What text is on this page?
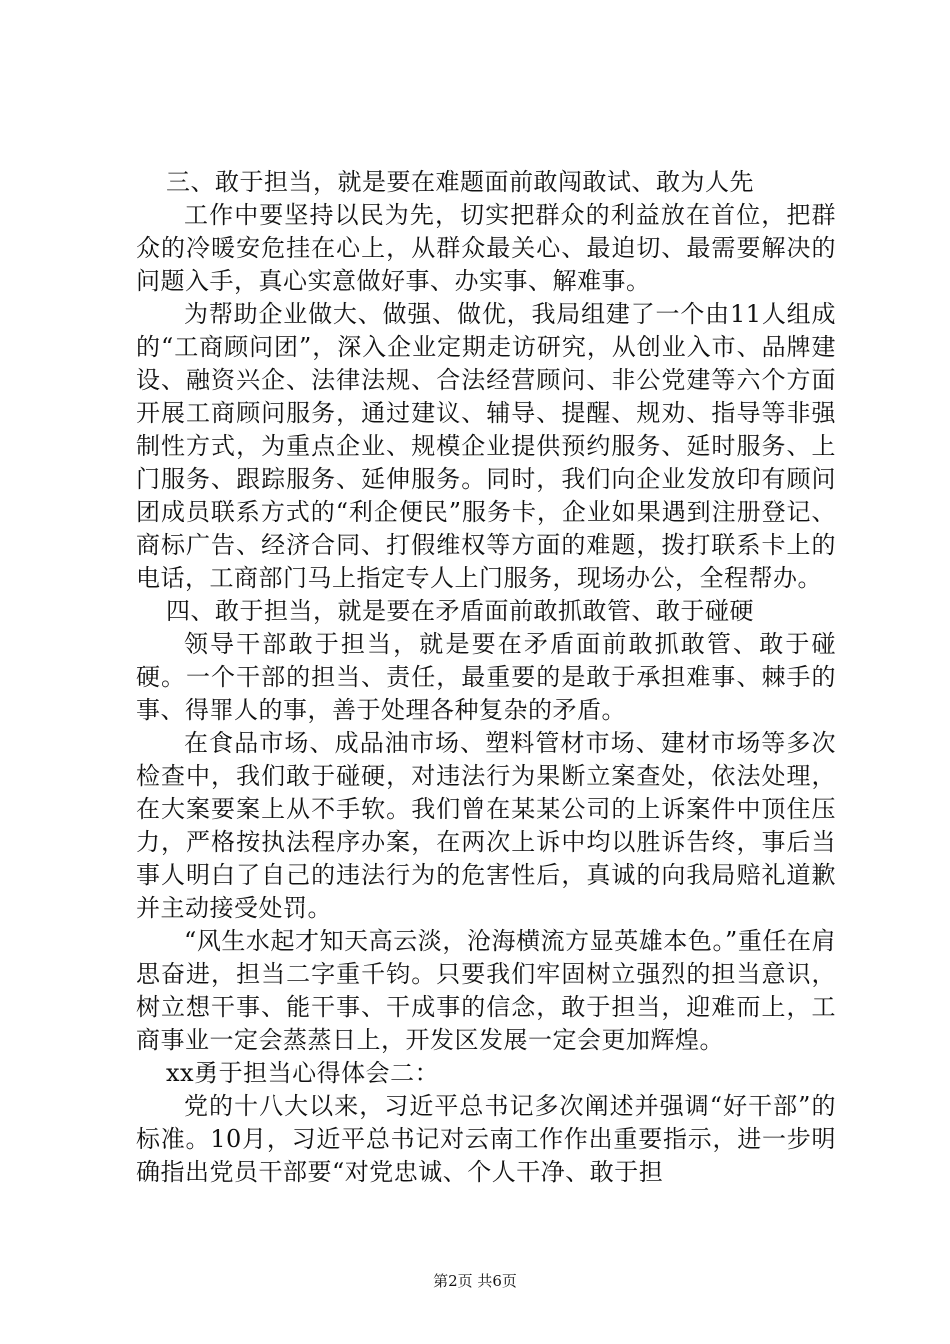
三、敢于担当，就是要在难题面前敢闯敢试、敢为人先

工作中要坚持以民为先，切实把群众的利益放在首位，把群众的冷暖安危挂在心上，从群众最关心、最迫切、最需要解决的问题入手，真心实意做好事、办实事、解难事。

为帮助企业做大、做强、做优，我局组建了一个由11人组成的“工商顾问团”，深入企业定期走访研究，从创业入市、品牌建设、融资兴企、法律法规、合法经营顾问、非公党建等六个方面开展工商顾问服务，通过建议、辅导、提醒、规劝、指导等非强制性方式，为重点企业、规模企业提供预约服务、延时服务、上门服务、跟踪服务、延伸服务。同时，我们向企业发放印有顾问团成员联系方式的“利企便民”服务卡，企业如果遇到注册登记、商标广告、经济合同、打假维权等方面的难题，拨打联系卡上的电话，工商部门马上指定专人上门服务，现场办公，全程帮办。

四、敢于担当，就是要在矛盾面前敢抓敢管、敢于碰硬

领导干部敢于担当，就是要在矛盾面前敢抓敢管、敢于碰硬。一个干部的担当、责任，最重要的是敢于承担难事、棘手的事、得罪人的事，善于处理各种复杂的矛盾。

在食品市场、成品油市场、塑料管材市场、建材市场等多次检查中，我们敢于碰硬，对违法行为果断立案查处，依法处理，在大案要案上从不手软。我们曾在某某公司的上诉案件中顶住压力，严格按执法程序办案，在两次上诉中均以胜诉告终，事后当事人明白了自己的违法行为的危害性后，真诚的向我局赔礼道歉并主动接受处罚。

“风生水起才知天高云淡，沧海横流方显英雄本色。”重任在肩思奋进，担当二字重千钧。只要我们牢固树立强烈的担当意识，树立想干事、能干事、干成事的信念，敢于担当，迎难而上，工商事业一定会蒸蒸日上，开发区发展一定会更加辉煌。

xx勇于担当心得体会二：

党的十八大以来，习近平总书记多次阐述并强调“好干部”的标准。10月，习近平总书记对云南工作作出重要指示，进一步明确指出党员干部要“对党忠诚、个人干净、敢于担

第2页 共6页
